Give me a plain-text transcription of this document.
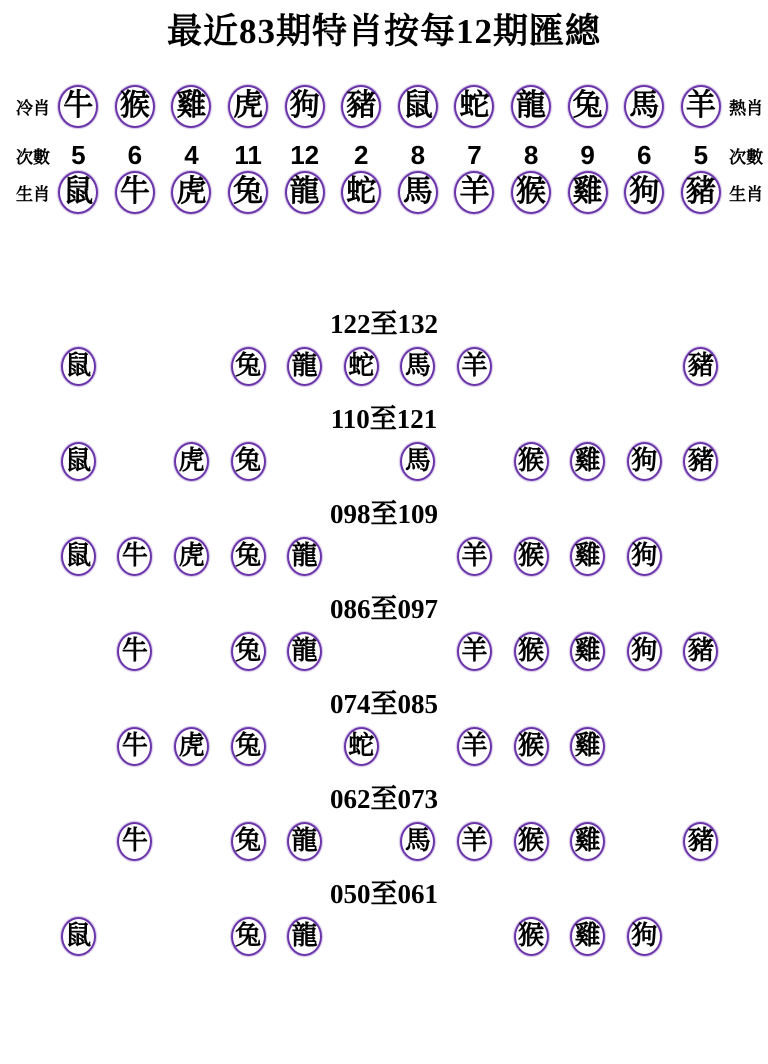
最近83期特肖按每12期匯總
冷肖 牛 猴 雞 虎 狗 豬 鼠 蛇 龍 兔 馬 羊 熱肖
次數 5 6 4 11 12 2 8 7 8 9 6 5 次數
生肖 鼠 牛 虎 兔 龍 蛇 馬 羊 猴 雞 狗 豬 生肖
122至132
鼠	兔 龍 蛇 馬 羊	豬
110至121
鼠	虎 兔	馬	猴 雞 狗 豬
098至109
鼠 牛 虎 兔 龍	羊 猴 雞 狗
086至097
牛	兔 龍	羊 猴 雞 狗 豬
074至085
牛 虎 兔	蛇	羊 猴 雞
062至073
牛	兔 龍	馬 羊 猴 雞	豬
050至061
鼠	兔 龍	猴 雞 狗
